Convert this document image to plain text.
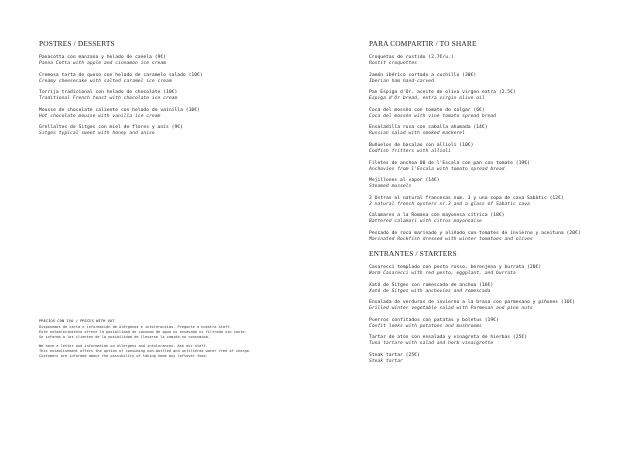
POSTRES / DESSERTS
Panacotta con manzana y helado de canela (9€)
Panna Cotta with apple and cinnamon ice cream
Cremosa tarta de queso con helado de caramelo salado (10€)
Creamy cheesecake with salted caramel ice cream
Torrija tradicional con helado de chocolate (10€)
Traditional French toast with chocolate ice cream
Mousse de chocolate caliente con helado de vainilla (10€)
Hot chocolate mousse with vanilla ice cream
Grellaltes de Sitges con miel de flores y anís (9€)
Sitges typical sweet with honey and anise
PRECIOS CON IVA / PRICES WITH VAT
Disponemos de carta e información de alérgenos e intolerancias. Pregunte a nuestro staff.
Este establecimiento ofrece la posibilidad de consumo de agua no envasada ni filtrada sin coste.
Se informa a los clientes de la posibilidad de llevarse la comida no consumida.
We have a letter and information on allergens and intolerances. Ask our staff.
This establishment offers the option of consuming non-bottled and unfiltered water free of charge.
Customers are informed about the possibility of taking home any leftover food.
PARA COMPARTIR / TO SHARE
Croquetas de rustido (2.7€/u.)
Rostit croquettes
Jamón ibérico cortado a cuchillo (30€)
Iberian ham hand-carved
Pan Espiga d'Or, aceite de oliva virgen extra (2.5€)
Espiga d'Or bread, extra virgin olive oil
Coca del mossèn con tomate de colgar (6€)
Coca del mossèn with vine tomato spread bread
Ensaladilla rusa con caballa ahumada (14€)
Russian salad with smoked mackerel
Buñuelos de bacalao con allioli (10€)
Codfish fritters with allioli
Filetes de anchoa 00 de l'Escala con pan con tomate (19€)
Anchovies from l'Escala with tomato spread bread
Mejillones al vapor (14€)
Steamed mussels
2 Ostras al natural francesas num. 3 y una copa de cava Sabàtic (12€)
2 natural french oysters nr.3 and a glass of Sabàtic cava
Calamares a la Romana con mayonesa cítrica (18€)
Battered calamari with citrus mayonnaise
Pescado de roca marinado y aliñado con tomates de invierno y aceituna (20€)
Marinated Rockfish dressed with winter tomatoes and olives
ENTRANTES / STARTERS
Casarecci templado con pesto rosso, berenjena y burrata (20€)
Warm Casarecci with red pesto, eggplant, and burrata
Xató de Sitges con romescada de anchoa (16€)
Xató de Sitges with anchovies and romescada
Ensalada de verduras de invierno a la brasa con parmesano y piñones (16€)
Grilled winter vegetable salad with Parmesan and pine nuts
Puerros confitados con patatas y boletus (19€)
Confit leeks with potatoes and mushrooms
Tartar de atún con ensalada y vinagreta de hierbas (25€)
Tuna tartare with salad and herb vinaigrette
Steak tartar (25€)
Steak tartar
